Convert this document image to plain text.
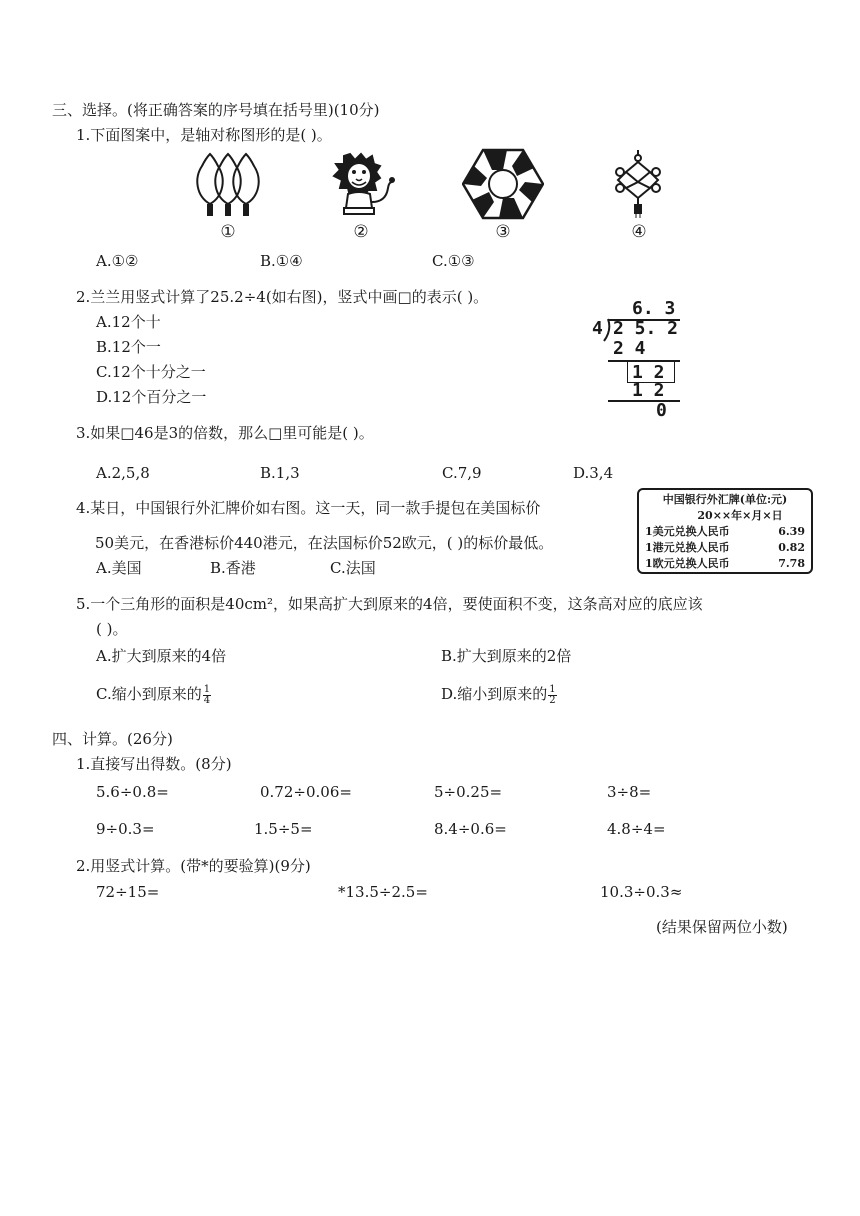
三、选择。(将正确答案的序号填在括号里)(10分)
1.下面图案中，是轴对称图形的是( )。
①	②	③	④
A.①②	B.①④	C.①③
2.兰兰用竖式计算了25.2÷4(如右图)，竖式中画□的表示( )。
A.12个十
B.12个一
C.12个十分之一
D.12个百分之一
6. 3
4 2 5. 2
2 4
1 2
1 2
0
3.如果□46是3的倍数，那么□里可能是( )。
A.2,5,8	B.1,3	C.7,9	D.3,4
4.某日，中国银行外汇牌价如右图。这一天，同一款手提包在美国标价
50美元，在香港标价440港元，在法国标价52欧元，( )的标价最低。
A.美国	B.香港	C.法国
中国银行外汇牌(单位:元)
20××年×月×日
1美元兑换人民币	6.39
1港元兑换人民币	0.82
1欧元兑换人民币	7.78
5.一个三角形的面积是40cm²，如果高扩大到原来的4倍，要使面积不变，这条高对应的底应该
( )。
A.扩大到原来的4倍	B.扩大到原来的2倍
C.缩小到原来的 $\frac{1}{4}$	D.缩小到原来的 $\frac{1}{2}$
四、计算。(26分)
1.直接写出得数。(8分)
5.6÷0.8=	0.72÷0.06=	5÷0.25=	3÷8=
9÷0.3=	1.5÷5=	8.4÷0.6=	4.8÷4=
2.用竖式计算。(带*的要验算)(9分)
72÷15=	*13.5÷2.5=	10.3÷0.3≈
(结果保留两位小数)
